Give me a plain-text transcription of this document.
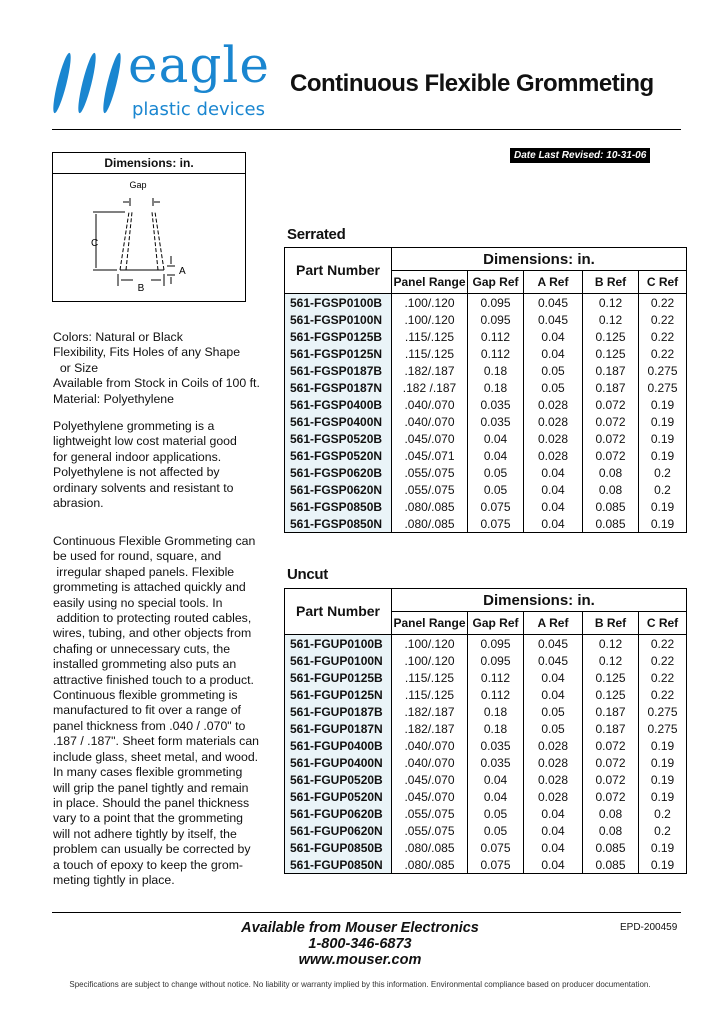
eagle
plastic devices
Continuous Flexible Grommeting
Date Last Revised: 10-31-06
Dimensions: in.
Gap
C
A
B
Colors: Natural or Black
Flexibility, Fits Holes of any Shape
or Size
Available from Stock in Coils of 100 ft.
Material: Polyethylene
Polyethylene grommeting is a
lightweight low cost material good
for general indoor applications.
Polyethylene is not affected by
ordinary solvents and resistant to
abrasion.
Continuous Flexible Grommeting can
be used for round, square, and
irregular shaped panels. Flexible
grommeting is attached quickly and
easily using no special tools. In
addition to protecting routed cables,
wires, tubing, and other objects from
chafing or unnecessary cuts, the
installed grommeting also puts an
attractive finished touch to a product.
Continuous flexible grommeting is
manufactured to fit over a range of
panel thickness from .040 / .070" to
.187 / .187". Sheet form materials can
include glass, sheet metal, and wood.
In many cases flexible grommeting
will grip the panel tightly and remain
in place. Should the panel thickness
vary to a point that the grommeting
will not adhere tightly by itself, the
problem can usually be corrected by
a touch of epoxy to keep the grom-
meting tightly in place.
Serrated
Part Number	Dimensions: in.				
	Panel Range	Gap Ref	A Ref	B Ref	C Ref
561-FGSP0100B	.100/.120	0.095	0.045	0.12	0.22
561-FGSP0100N	.100/.120	0.095	0.045	0.12	0.22
561-FGSP0125B	.115/.125	0.112	0.04	0.125	0.22
561-FGSP0125N	.115/.125	0.112	0.04	0.125	0.22
561-FGSP0187B	.182/.187	0.18	0.05	0.187	0.275
561-FGSP0187N	.182 /.187	0.18	0.05	0.187	0.275
561-FGSP0400B	.040/.070	0.035	0.028	0.072	0.19
561-FGSP0400N	.040/.070	0.035	0.028	0.072	0.19
561-FGSP0520B	.045/.070	0.04	0.028	0.072	0.19
561-FGSP0520N	.045/.071	0.04	0.028	0.072	0.19
561-FGSP0620B	.055/.075	0.05	0.04	0.08	0.2
561-FGSP0620N	.055/.075	0.05	0.04	0.08	0.2
561-FGSP0850B	.080/.085	0.075	0.04	0.085	0.19
561-FGSP0850N	.080/.085	0.075	0.04	0.085	0.19
Uncut
Part Number	Dimensions: in.				
	Panel Range	Gap Ref	A Ref	B Ref	C Ref
561-FGUP0100B	.100/.120	0.095	0.045	0.12	0.22
561-FGUP0100N	.100/.120	0.095	0.045	0.12	0.22
561-FGUP0125B	.115/.125	0.112	0.04	0.125	0.22
561-FGUP0125N	.115/.125	0.112	0.04	0.125	0.22
561-FGUP0187B	.182/.187	0.18	0.05	0.187	0.275
561-FGUP0187N	.182/.187	0.18	0.05	0.187	0.275
561-FGUP0400B	.040/.070	0.035	0.028	0.072	0.19
561-FGUP0400N	.040/.070	0.035	0.028	0.072	0.19
561-FGUP0520B	.045/.070	0.04	0.028	0.072	0.19
561-FGUP0520N	.045/.070	0.04	0.028	0.072	0.19
561-FGUP0620B	.055/.075	0.05	0.04	0.08	0.2
561-FGUP0620N	.055/.075	0.05	0.04	0.08	0.2
561-FGUP0850B	.080/.085	0.075	0.04	0.085	0.19
561-FGUP0850N	.080/.085	0.075	0.04	0.085	0.19
Available from Mouser Electronics
1-800-346-6873
www.mouser.com
EPD-200459
Specifications are subject to change without notice. No liability or warranty implied by this information. Environmental compliance based on producer documentation.
